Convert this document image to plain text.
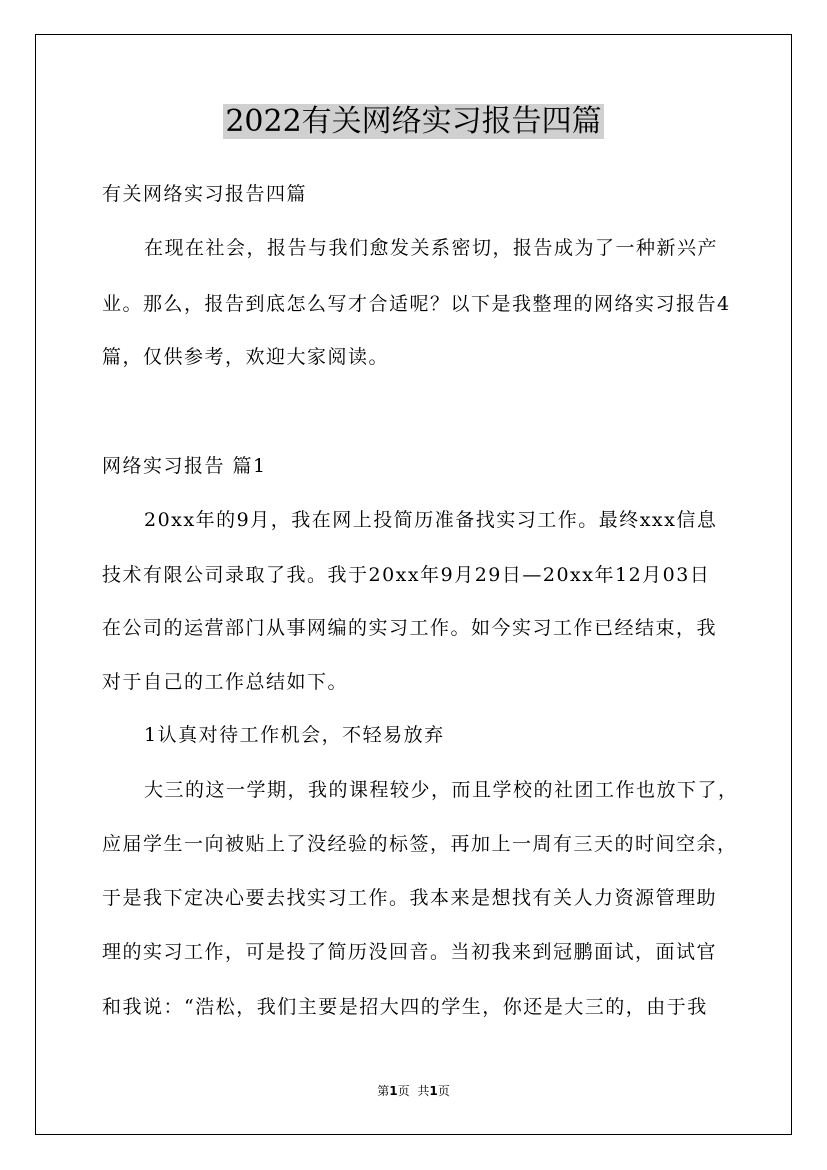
2022有关网络实习报告四篇
有关网络实习报告四篇
在现在社会，报告与我们愈发关系密切，报告成为了一种新兴产
业。那么，报告到底怎么写才合适呢？以下是我整理的网络实习报告4
篇，仅供参考，欢迎大家阅读。
网络实习报告 篇1
20xx年的9月，我在网上投简历准备找实习工作。最终xxx信息
技术有限公司录取了我。我于20xx年9月29日—20xx年12月03日
在公司的运营部门从事网编的实习工作。如今实习工作已经结束，我
对于自己的工作总结如下。
1认真对待工作机会，不轻易放弃
大三的这一学期，我的课程较少，而且学校的社团工作也放下了，
应届学生一向被贴上了没经验的标签，再加上一周有三天的时间空余，
于是我下定决心要去找实习工作。我本来是想找有关人力资源管理助
理的实习工作，可是投了简历没回音。当初我来到冠鹏面试，面试官
和我说：“浩松，我们主要是招大四的学生，你还是大三的，由于我
第1页 共1页
